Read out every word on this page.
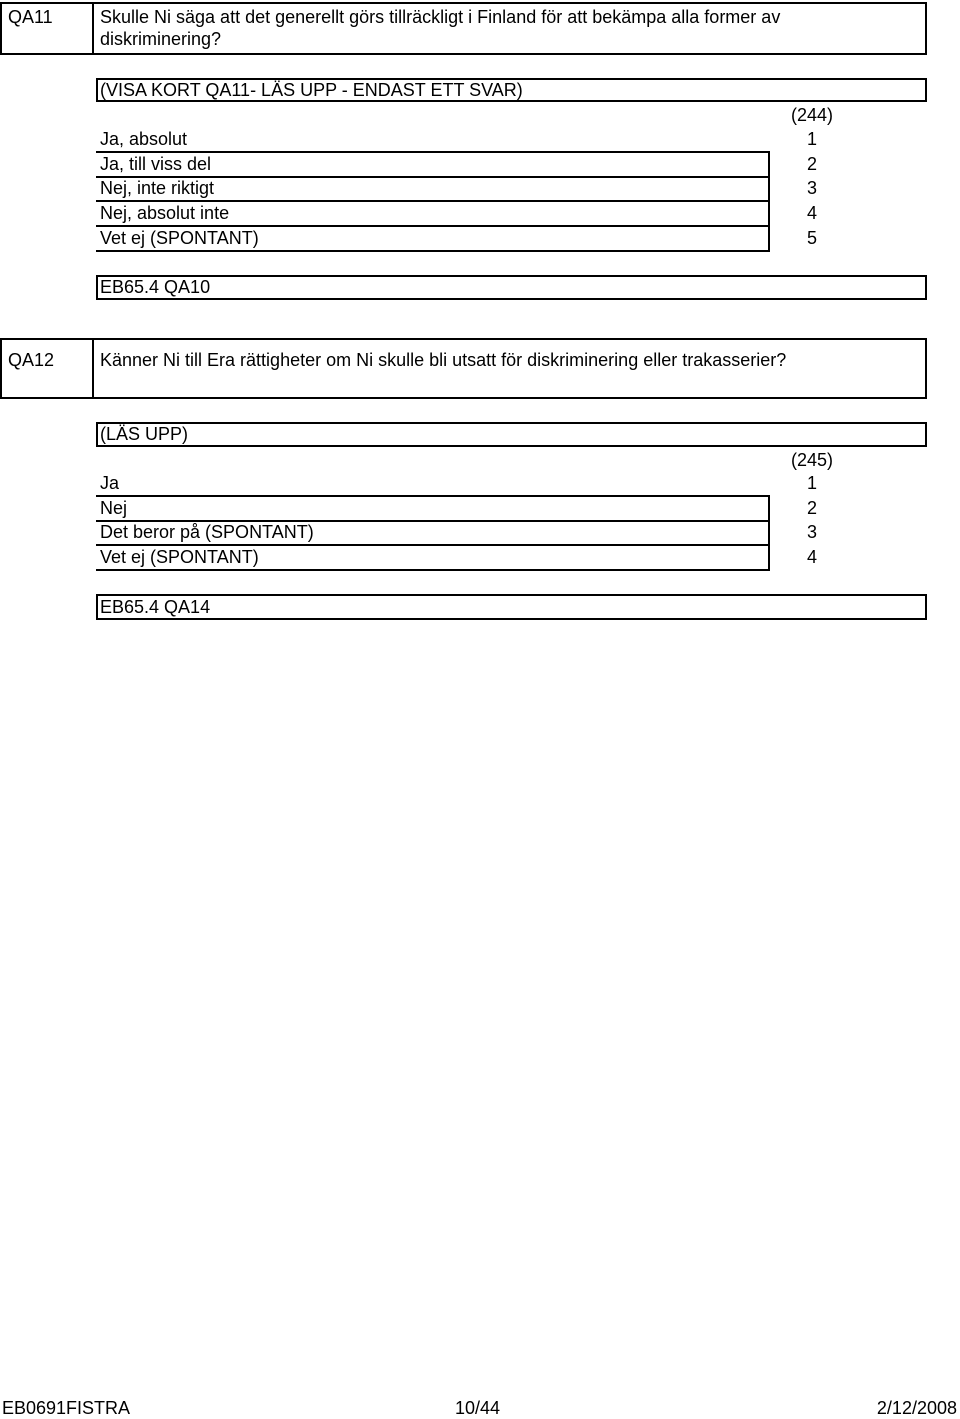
QA11	Skulle Ni säga att det generellt görs tillräckligt i Finland för att bekämpa alla former av diskriminering?
(VISA KORT QA11- LÄS UPP - ENDAST ETT SVAR)
(244)
Ja, absolut	1
Ja, till viss del	2
Nej, inte riktigt	3
Nej, absolut inte	4
Vet ej (SPONTANT)	5
EB65.4 QA10
QA12	Känner Ni till Era rättigheter om Ni skulle bli utsatt för diskriminering eller trakasserier?
(LÄS UPP)
(245)
Ja	1
Nej	2
Det beror på (SPONTANT)	3
Vet ej (SPONTANT)	4
EB65.4 QA14
EB0691FISTRA	10/44	2/12/2008
